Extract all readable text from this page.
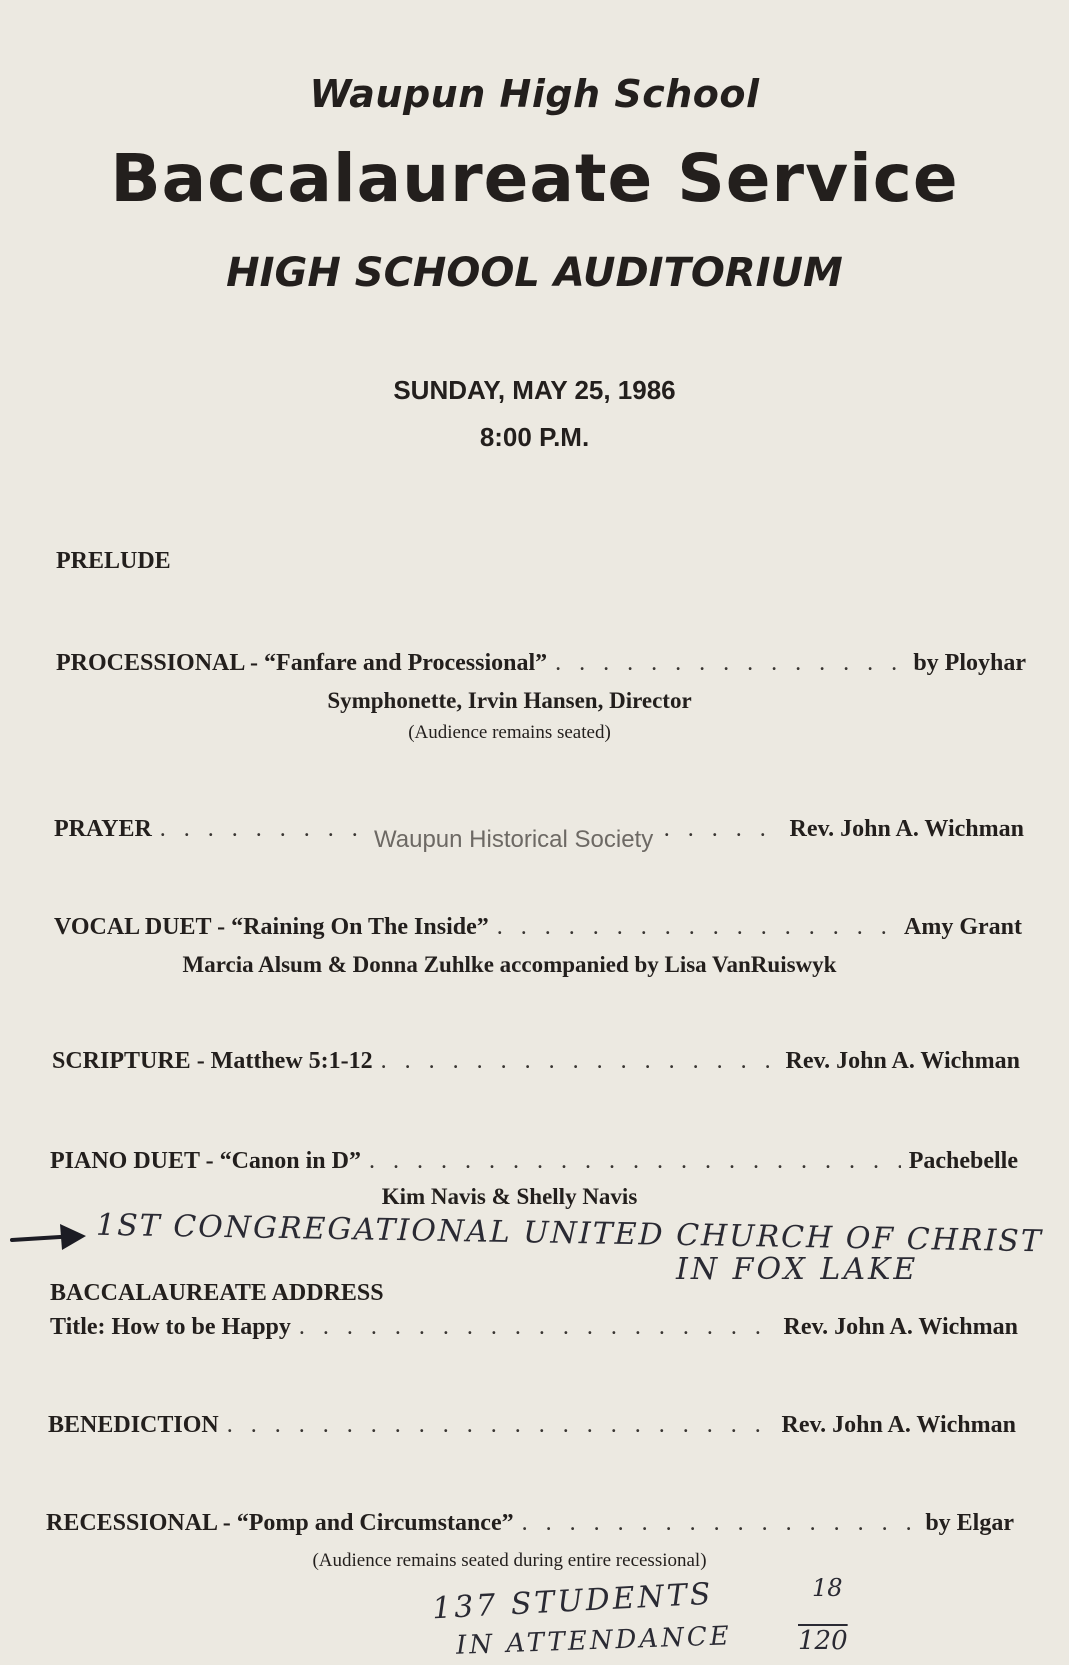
Waupun High School
Baccalaureate Service
HIGH SCHOOL AUDITORIUM
SUNDAY, MAY 25, 1986
8:00 P.M.
PRELUDE
PROCESSIONAL - “Fanfare and Processional” . . .	by Ployhar
Symphonette, Irvin Hansen, Director
(Audience remains seated)
PRAYER . . .	Rev. John A. Wichman
Waupun Historical Society
VOCAL DUET - “Raining On The Inside” . . .	Amy Grant
Marcia Alsum & Donna Zuhlke accompanied by Lisa VanRuiswyk
SCRIPTURE - Matthew 5:1-12 . . .	Rev. John A. Wichman
PIANO DUET - “Canon in D” . . .	Pachebelle
Kim Navis & Shelly Navis
1ST CONGREGATIONAL UNITED CHURCH OF CHRIST
IN FOX LAKE
BACCALAUREATE ADDRESS
Title: How to be Happy . . .	Rev. John A. Wichman
BENEDICTION . . .	Rev. John A. Wichman
RECESSIONAL - “Pomp and Circumstance” . . .	by Elgar
(Audience remains seated during entire recessional)
137 STUDENTS
IN ATTENDANCE
18
120
